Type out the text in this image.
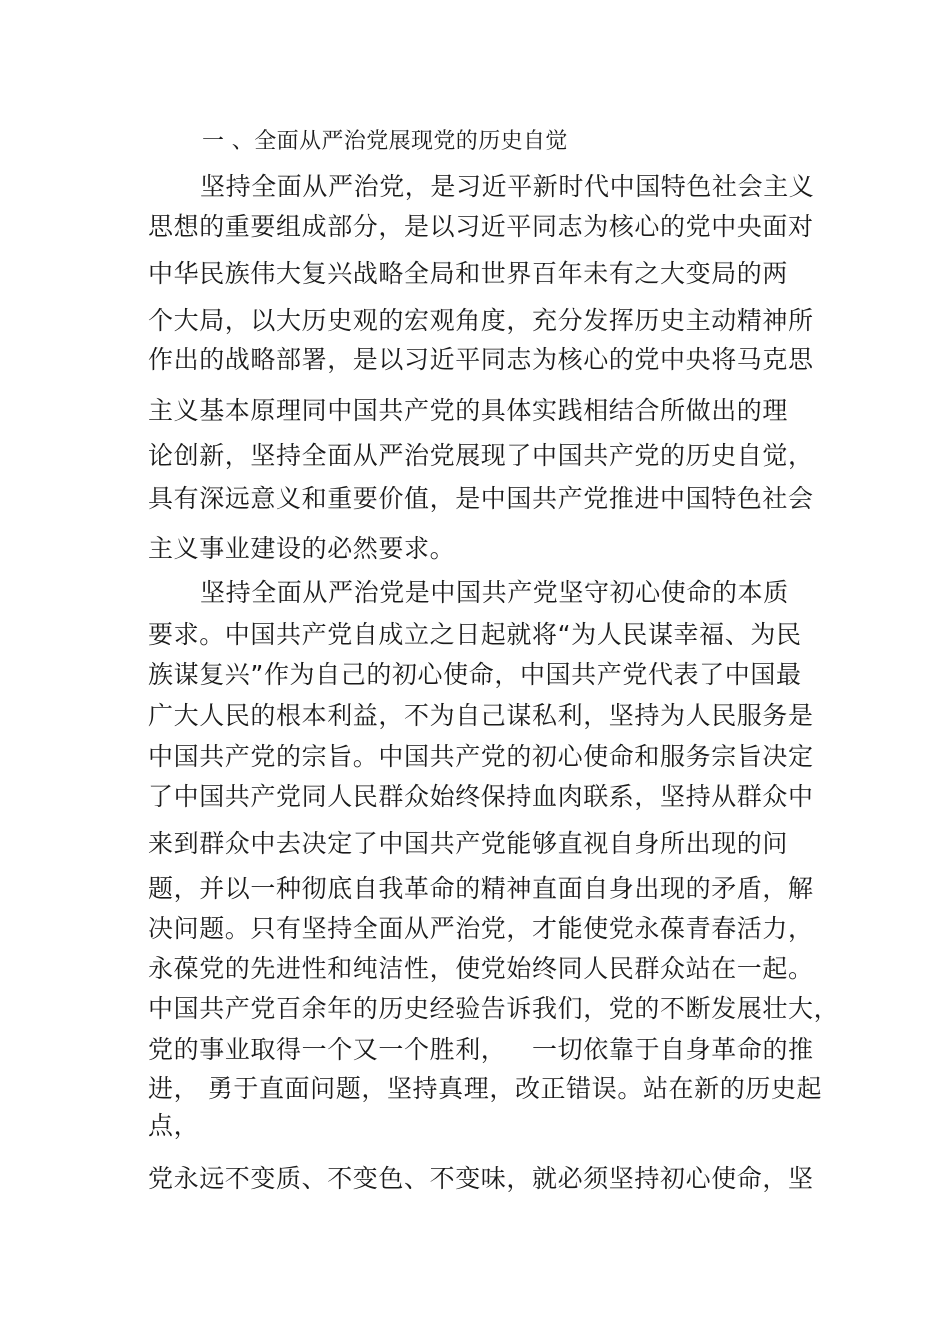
一 、全面从严治党展现党的历史自觉
坚持全面从严治党，是习近平新时代中国特色社会主义
思想的重要组成部分，是以习近平同志为核心的党中央面对
中华民族伟大复兴战略全局和世界百年未有之大变局的两
个大局，以大历史观的宏观角度，充分发挥历史主动精神所
作出的战略部署，是以习近平同志为核心的党中央将马克思
主义基本原理同中国共产党的具体实践相结合所做出的理
论创新，坚持全面从严治党展现了中国共产党的历史自觉，
具有深远意义和重要价值，是中国共产党推进中国特色社会
主义事业建设的必然要求。
坚持全面从严治党是中国共产党坚守初心使命的本质
要求。中国共产党自成立之日起就将“为人民谋幸福、为民
族谋复兴”作为自己的初心使命，中国共产党代表了中国最
广大人民的根本利益，不为自己谋私利，坚持为人民服务是
中国共产党的宗旨。中国共产党的初心使命和服务宗旨决定
了中国共产党同人民群众始终保持血肉联系，坚持从群众中
来到群众中去决定了中国共产党能够直视自身所出现的问
题，并以一种彻底自我革命的精神直面自身出现的矛盾，解
决问题。只有坚持全面从严治党，才能使党永葆青春活力，
永葆党的先进性和纯洁性，使党始终同人民群众站在一起。
中国共产党百余年的历史经验告诉我们，党的不断发展壮大，
党的事业取得一个又一个胜利，   一切依靠于自身革命的推
进， 勇于直面问题，坚持真理，改正错误。站在新的历史起
点，
党永远不变质、不变色、不变味，就必须坚持初心使命，坚
